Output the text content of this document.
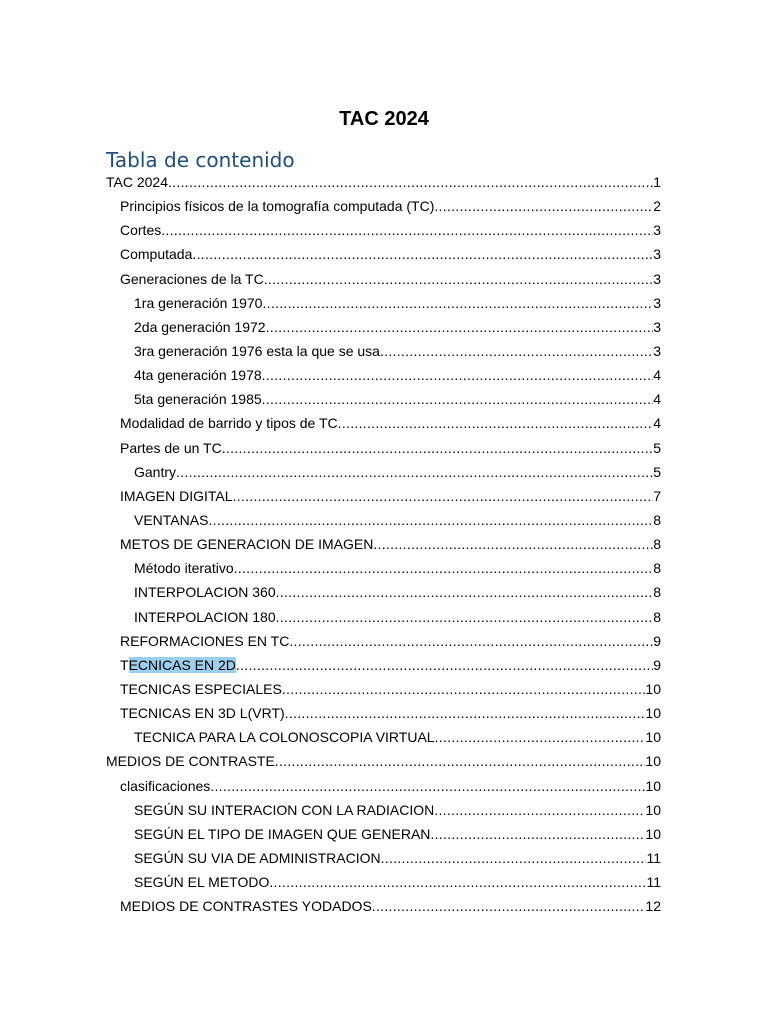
TAC 2024
Tabla de contenido
TAC 2024 .....	1
Principios físicos de la tomografía computada (TC) .....	2
Cortes .....	3
Computada .....	3
Generaciones de la TC .....	3
1ra generación 1970 .....	3
2da generación 1972 .....	3
3ra generación 1976 esta la que se usa .....	3
4ta generación 1978 .....	4
5ta generación 1985 .....	4
Modalidad de barrido y tipos de TC .....	4
Partes de un TC .....	5
Gantry .....	5
IMAGEN DIGITAL .....	7
VENTANAS .....	8
METOS DE GENERACION DE IMAGEN .....	8
Método iterativo .....	8
INTERPOLACION 360 .....	8
INTERPOLACION 180 .....	8
REFORMACIONES EN TC .....	9
TECNICAS EN 2D .....	9
TECNICAS ESPECIALES .....	10
TECNICAS EN 3D L(VRT) .....	10
TECNICA PARA LA COLONOSCOPIA VIRTUAL .....	10
MEDIOS DE CONTRASTE .....	10
clasificaciones .....	10
SEGÚN SU INTERACION CON LA RADIACION .....	10
SEGÚN EL TIPO DE IMAGEN QUE GENERAN .....	10
SEGÚN SU VIA DE ADMINISTRACION .....	11
SEGÚN EL METODO .....	11
MEDIOS DE CONTRASTES YODADOS .....	12
